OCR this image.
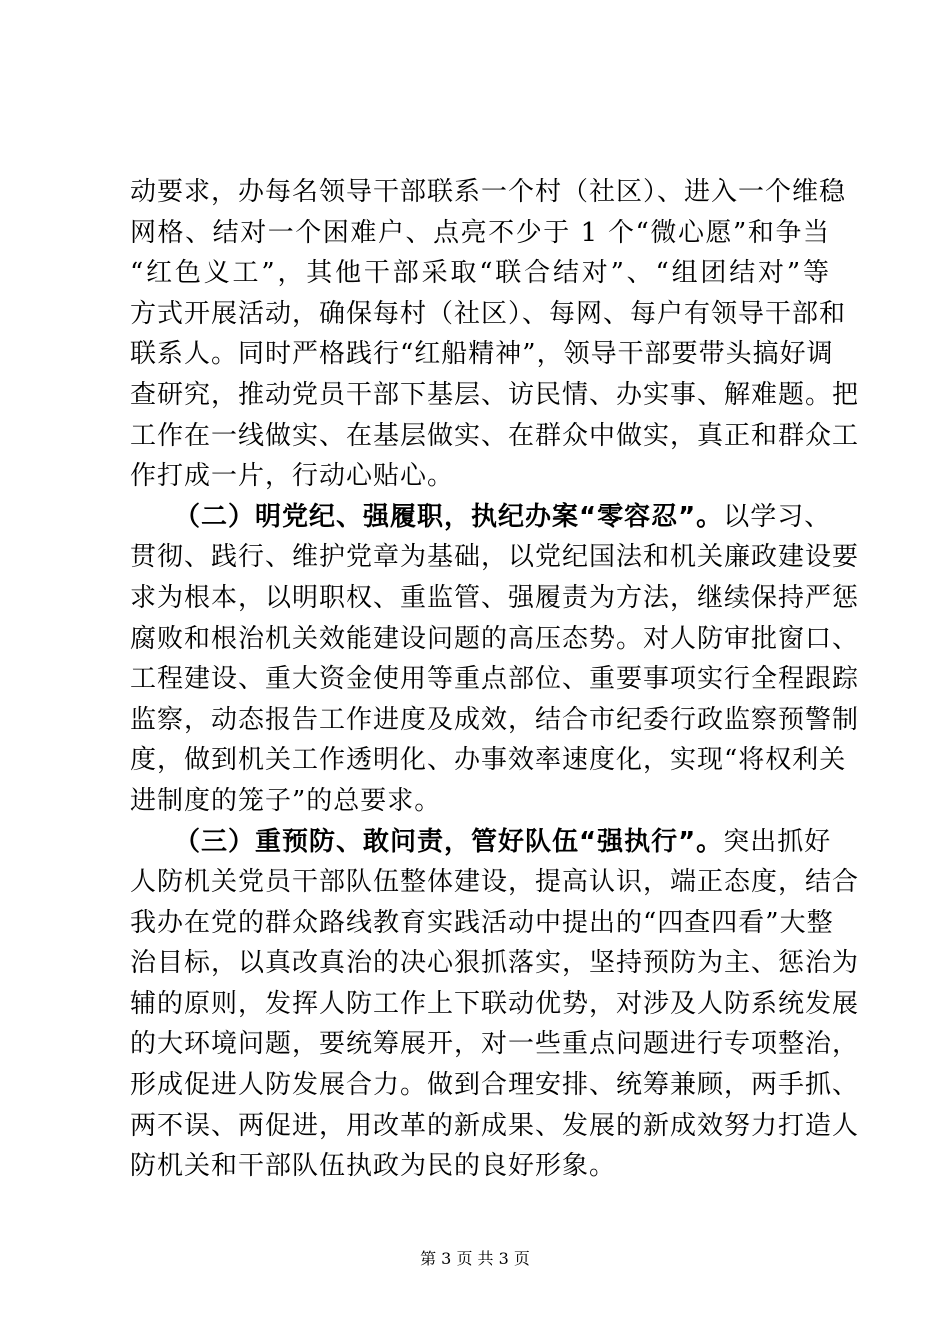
动要求，办每名领导干部联系一个村（社区）、进入一个维稳
网格、结对一个困难户、点亮不少于 1 个“微心愿”和争当
“红色义工”，其他干部采取“联合结对”、“组团结对”等
方式开展活动，确保每村（社区）、每网、每户有领导干部和
联系人。同时严格践行“红船精神”，领导干部要带头搞好调
查研究，推动党员干部下基层、访民情、办实事、解难题。把
工作在一线做实、在基层做实、在群众中做实，真正和群众工
作打成一片，行动心贴心。
（二）明党纪、强履职，执纪办案“零容忍”。以学习、
贯彻、践行、维护党章为基础，以党纪国法和机关廉政建设要
求为根本，以明职权、重监管、强履责为方法，继续保持严惩
腐败和根治机关效能建设问题的高压态势。对人防审批窗口、
工程建设、重大资金使用等重点部位、重要事项实行全程跟踪
监察，动态报告工作进度及成效，结合市纪委行政监察预警制
度，做到机关工作透明化、办事效率速度化，实现“将权利关
进制度的笼子”的总要求。
（三）重预防、敢问责，管好队伍“强执行”。突出抓好
人防机关党员干部队伍整体建设，提高认识，端正态度，结合
我办在党的群众路线教育实践活动中提出的“四查四看”大整
治目标，以真改真治的决心狠抓落实，坚持预防为主、惩治为
辅的原则，发挥人防工作上下联动优势，对涉及人防系统发展
的大环境问题，要统筹展开，对一些重点问题进行专项整治，
形成促进人防发展合力。做到合理安排、统筹兼顾，两手抓、
两不误、两促进，用改革的新成果、发展的新成效努力打造人
防机关和干部队伍执政为民的良好形象。
第 3 页 共 3 页
